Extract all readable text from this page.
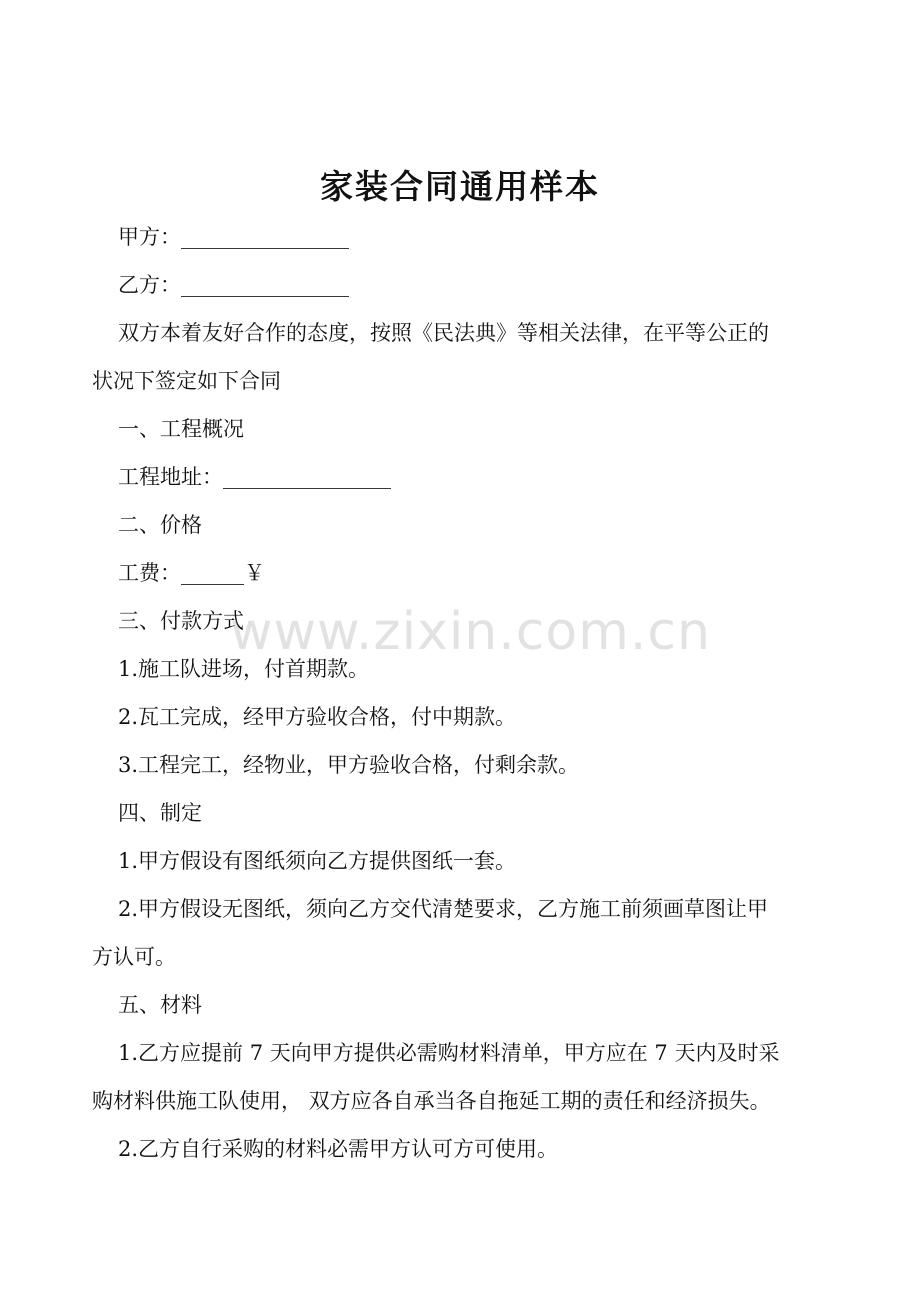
家装合同通用样本
甲方：________________
乙方：________________
双方本着友好合作的态度，按照《民法典》等相关法律，在平等公正的
状况下签定如下合同
一、工程概况
工程地址：________________
二、价格
工费：______￥
三、付款方式
1.施工队进场，付首期款。
2.瓦工完成，经甲方验收合格，付中期款。
3.工程完工，经物业，甲方验收合格，付剩余款。
四、制定
1.甲方假设有图纸须向乙方提供图纸一套。
2.甲方假设无图纸，须向乙方交代清楚要求，乙方施工前须画草图让甲
方认可。
五、材料
1.乙方应提前 7 天向甲方提供必需购材料清单，甲方应在 7 天内及时采
购材料供施工队使用， 双方应各自承当各自拖延工期的责任和经济损失。
2.乙方自行采购的材料必需甲方认可方可使用。
www.zixin.com.cn
